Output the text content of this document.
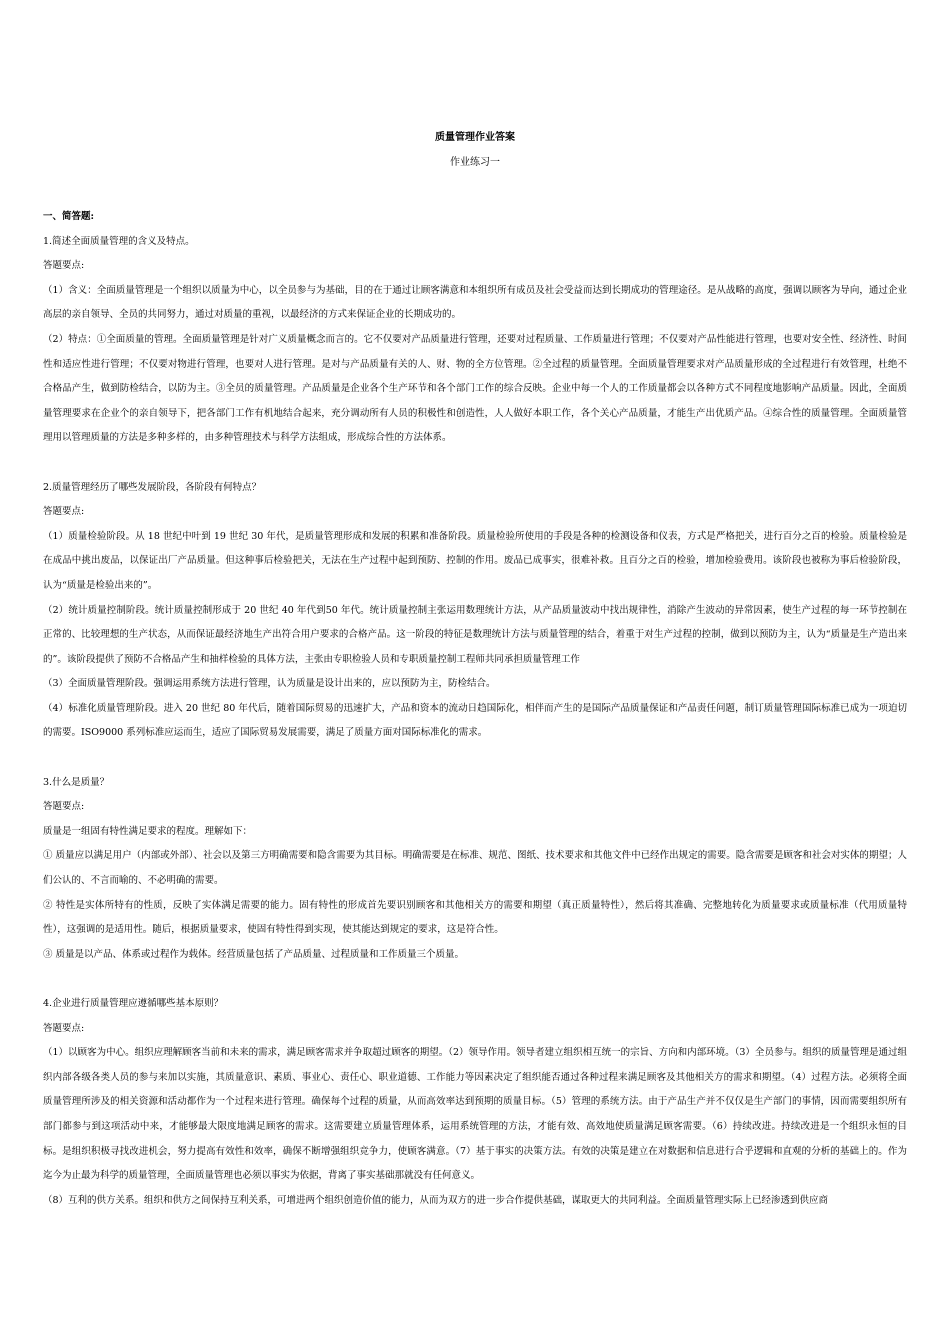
质量管理作业答案
作业练习一

一、简答题:

1.简述全面质量管理的含义及特点。

答题要点:

（1）含义：全面质量管理是一个组织以质量为中心，以全员参与为基础，目的在于通过让顾客满意和本组织所有成员及社会受益而达到长期成功的管理途径。是从战略的高度，强调以顾客为导向，通过企业高层的亲自领导、全员的共同努力，通过对质量的重视，以最经济的方式来保证企业的长期成功的。

（2）特点：①全面质量的管理。全面质量管理是针对广义质量概念而言的。它不仅要对产品质量进行管理，还要对过程质量、工作质量进行管理；不仅要对产品性能进行管理，也要对安全性、经济性、时间性和适应性进行管理；不仅要对物进行管理，也要对人进行管理。是对与产品质量有关的人、财、物的全方位管理。②全过程的质量管理。全面质量管理要求对产品质量形成的全过程进行有效管理，杜绝不合格品产生，做到防检结合，以防为主。③全员的质量管理。产品质量是企业各个生产环节和各个部门工作的综合反映。企业中每一个人的工作质量都会以各种方式不同程度地影响产品质量。因此，全面质量管理要求在企业个的亲自领导下，把各部门工作有机地结合起来，充分调动所有人员的积极性和创造性，人人做好本职工作，各个关心产品质量，才能生产出优质产品。④综合性的质量管理。全面质量管理用以管理质量的方法是多种多样的，由多种管理技术与科学方法组成，形成综合性的方法体系。

2.质量管理经历了哪些发展阶段，各阶段有何特点？

答题要点:

（1）质量检验阶段。从 18 世纪中叶到 19 世纪 30 年代，是质量管理形成和发展的积累和准备阶段。质量检验所使用的手段是各种的检测设备和仪表，方式是严格把关，进行百分之百的检验。质量检验是在成品中挑出废品，以保证出厂产品质量。但这种事后检验把关，无法在生产过程中起到预防、控制的作用。废品已成事实，很难补救。且百分之百的检验，增加检验费用。该阶段也被称为事后检验阶段，认为“质量是检验出来的”。

（2）统计质量控制阶段。统计质量控制形成于 20 世纪 40 年代到50 年代。统计质量控制主张运用数理统计方法，从产品质量波动中找出规律性，消除产生波动的异常因素，使生产过程的每一环节控制在正常的、比较理想的生产状态，从而保证最经济地生产出符合用户要求的合格产品。这一阶段的特征是数理统计方法与质量管理的结合，着重于对生产过程的控制，做到以预防为主，认为“质量是生产造出来的”。该阶段提供了预防不合格品产生和抽样检验的具体方法，主张由专职检验人员和专职质量控制工程师共同承担质量管理工作

（3）全面质量管理阶段。强调运用系统方法进行管理，认为质量是设计出来的，应以预防为主，防检结合。

（4）标准化质量管理阶段。进入 20 世纪 80 年代后，随着国际贸易的迅速扩大，产品和资本的流动日趋国际化，相伴而产生的是国际产品质量保证和产品责任问题，制订质量管理国际标准已成为一项迫切的需要。ISO9000 系列标准应运而生，适应了国际贸易发展需要，满足了质量方面对国际标准化的需求。

3.什么是质量？

答题要点:

质量是一组固有特性满足要求的程度。理解如下：

① 质量应以满足用户（内部或外部）、社会以及第三方明确需要和隐含需要为其目标。明确需要是在标准、规范、图纸、技术要求和其他文件中已经作出规定的需要。隐含需要是顾客和社会对实体的期望；人们公认的、不言而喻的、不必明确的需要。

② 特性是实体所特有的性质，反映了实体满足需要的能力。固有特性的形成首先要识别顾客和其他相关方的需要和期望（真正质量特性），然后将其准确、完整地转化为质量要求或质量标准（代用质量特性），这强调的是适用性。随后，根据质量要求，使固有特性得到实现，使其能达到规定的要求，这是符合性。

③ 质量是以产品、体系或过程作为载体。经营质量包括了产品质量、过程质量和工作质量三个质量。

4.企业进行质量管理应遵循哪些基本原则？

答题要点:

（1）以顾客为中心。组织应理解顾客当前和未来的需求，满足顾客需求并争取超过顾客的期望。（2）领导作用。领导者建立组织相互统一的宗旨、方向和内部环境。（3）全员参与。组织的质量管理是通过组织内部各级各类人员的参与来加以实施，其质量意识、素质、事业心、责任心、职业道德、工作能力等因素决定了组织能否通过各种过程来满足顾客及其他相关方的需求和期望。（4）过程方法。必须将全面质量管理所涉及的相关资源和活动都作为一个过程来进行管理。确保每个过程的质量，从而高效率达到预期的质量目标。（5）管理的系统方法。由于产品生产并不仅仅是生产部门的事情，因而需要组织所有部门都参与到这项活动中来，才能够最大限度地满足顾客的需求。这需要建立质量管理体系，运用系统管理的方法，才能有效、高效地使质量满足顾客需要。（6）持续改进。持续改进是一个组织永恒的目标。是组织积极寻找改进机会，努力提高有效性和效率，确保不断增强组织竞争力，使顾客满意。（7）基于事实的决策方法。有效的决策是建立在对数据和信息进行合乎逻辑和直观的分析的基础上的。作为迄今为止最为科学的质量管理，全面质量管理也必须以事实为依据，背离了事实基础那就没有任何意义。

（8）互利的供方关系。组织和供方之间保持互利关系，可增进两个组织创造价值的能力，从而为双方的进一步合作提供基础，谋取更大的共同利益。全面质量管理实际上已经渗透到供应商
